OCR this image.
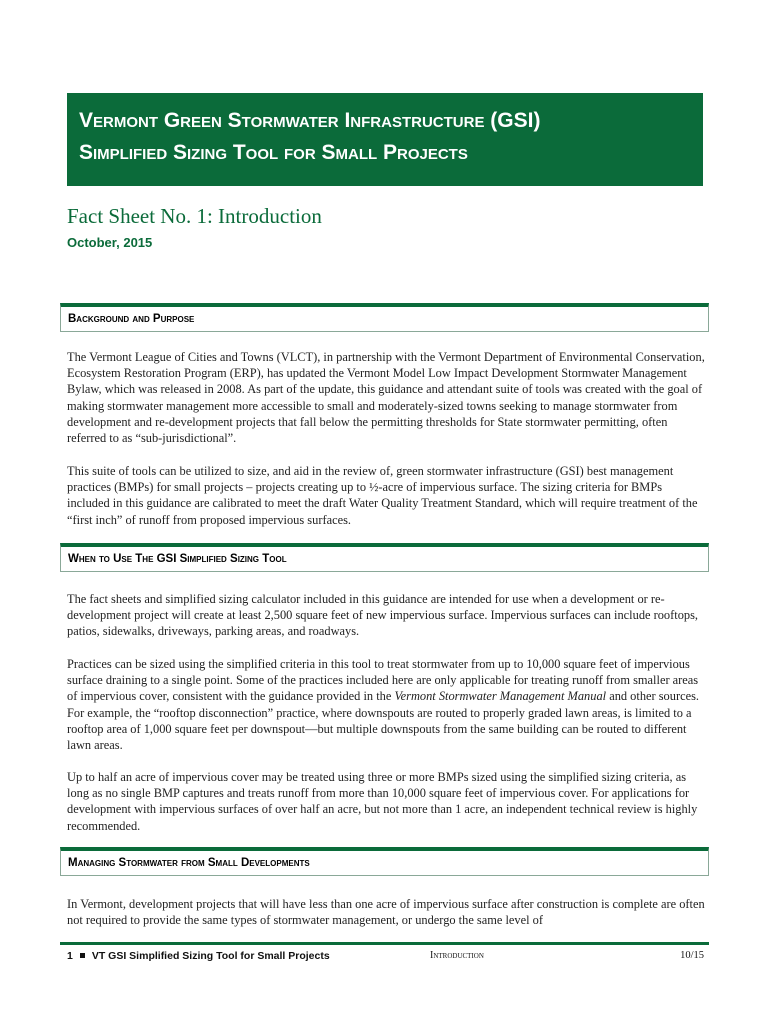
Vermont Green Stormwater Infrastructure (GSI)
Simplified Sizing Tool for Small Projects
Fact Sheet No. 1: Introduction
October, 2015
Background and Purpose

The Vermont League of Cities and Towns (VLCT), in partnership with the Vermont Department of Environmental Conservation, Ecosystem Restoration Program (ERP), has updated the Vermont Model Low Impact Development Stormwater Management Bylaw, which was released in 2008. As part of the update, this guidance and attendant suite of tools was created with the goal of making stormwater management more accessible to small and moderately-sized towns seeking to manage stormwater from development and re-development projects that fall below the permitting thresholds for State stormwater permitting, often referred to as “sub-jurisdictional”.

This suite of tools can be utilized to size, and aid in the review of, green stormwater infrastructure (GSI) best management practices (BMPs) for small projects – projects creating up to ½-acre of impervious surface. The sizing criteria for BMPs included in this guidance are calibrated to meet the draft Water Quality Treatment Standard, which will require treatment of the “first inch” of runoff from proposed impervious surfaces.

When to Use The GSI Simplified Sizing Tool

The fact sheets and simplified sizing calculator included in this guidance are intended for use when a development or re-development project will create at least 2,500 square feet of new impervious surface. Impervious surfaces can include rooftops, patios, sidewalks, driveways, parking areas, and roadways.

Practices can be sized using the simplified criteria in this tool to treat stormwater from up to 10,000 square feet of impervious surface draining to a single point. Some of the practices included here are only applicable for treating runoff from smaller areas of impervious cover, consistent with the guidance provided in the Vermont Stormwater Management Manual and other sources. For example, the “rooftop disconnection” practice, where downspouts are routed to properly graded lawn areas, is limited to a rooftop area of 1,000 square feet per downspout—but multiple downspouts from the same building can be routed to different lawn areas.

Up to half an acre of impervious cover may be treated using three or more BMPs sized using the simplified sizing criteria, as long as no single BMP captures and treats runoff from more than 10,000 square feet of impervious cover. For applications for development with impervious surfaces of over half an acre, but not more than 1 acre, an independent technical review is highly recommended.

Managing Stormwater from Small Developments

In Vermont, development projects that will have less than one acre of impervious surface after construction is complete are often not required to provide the same types of stormwater management, or undergo the same level of

1 VT GSI Simplified Sizing Tool for Small Projects	Introduction	10/15
